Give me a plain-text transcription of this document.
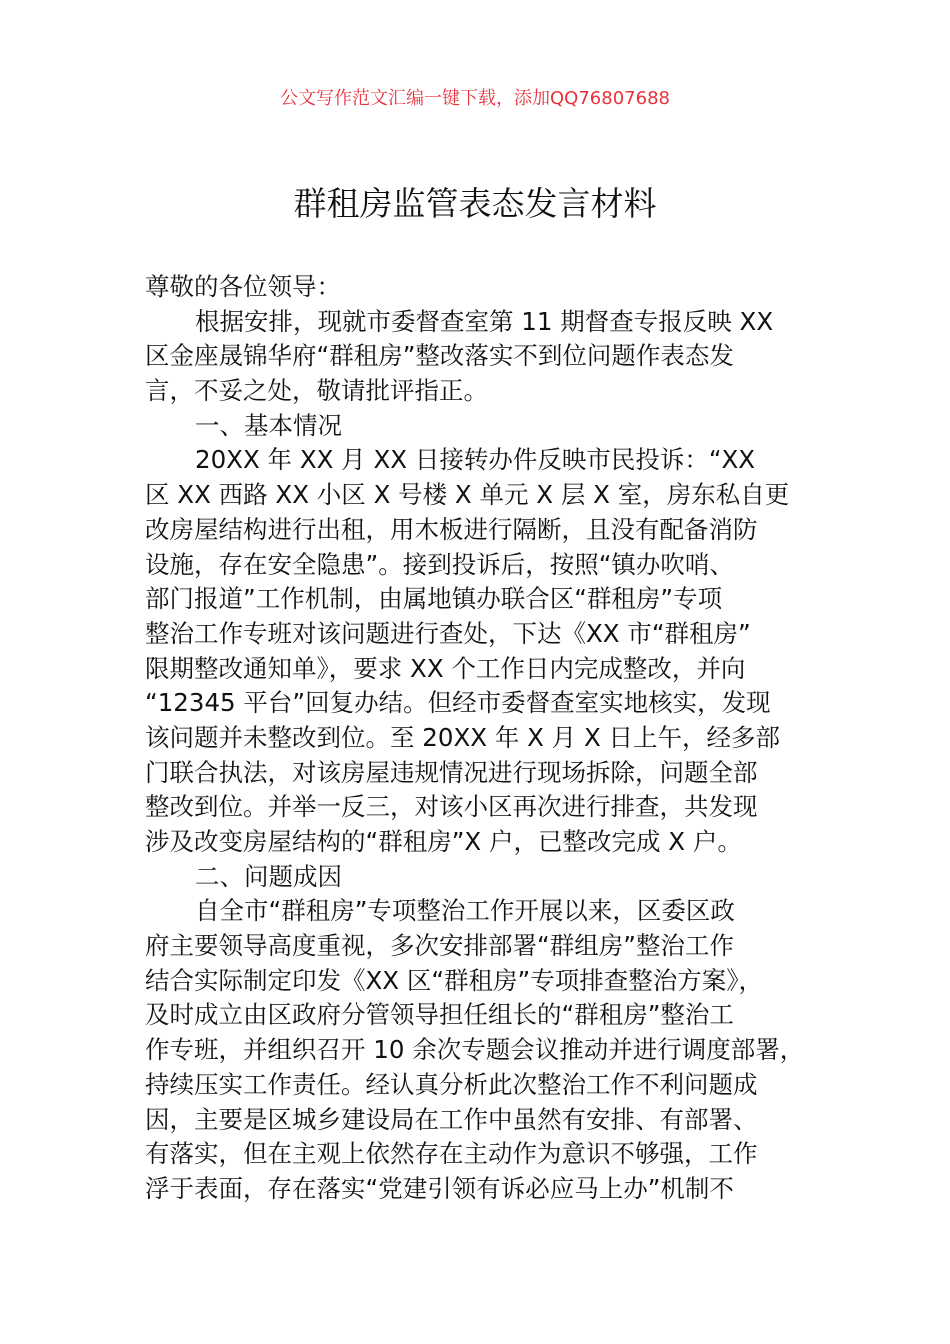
公文写作范文汇编一键下载，添加QQ76807688
群租房监管表态发言材料
尊敬的各位领导：
根据安排，现就市委督查室第 11 期督查专报反映 XX
区金座晟锦华府“群租房”整改落实不到位问题作表态发
言，不妥之处，敬请批评指正。
一、基本情况
20XX 年 XX 月 XX 日接转办件反映市民投诉：“XX
区 XX 西路 XX 小区 X 号楼 X 单元 X 层 X 室，房东私自更
改房屋结构进行出租，用木板进行隔断，且没有配备消防
设施，存在安全隐患”。接到投诉后，按照“镇办吹哨、
部门报道”工作机制，由属地镇办联合区“群租房”专项
整治工作专班对该问题进行查处，下达《XX 市“群租房”
限期整改通知单》，要求 XX 个工作日内完成整改，并向
“12345 平台”回复办结。但经市委督查室实地核实，发现
该问题并未整改到位。至 20XX 年 X 月 X 日上午，经多部
门联合执法，对该房屋违规情况进行现场拆除，问题全部
整改到位。并举一反三，对该小区再次进行排查，共发现
涉及改变房屋结构的“群租房”X 户，已整改完成 X 户。
二、问题成因
自全市“群租房”专项整治工作开展以来，区委区政
府主要领导高度重视，多次安排部署“群组房”整治工作
结合实际制定印发《XX 区“群租房”专项排查整治方案》，
及时成立由区政府分管领导担任组长的“群租房”整治工
作专班，并组织召开 10 余次专题会议推动并进行调度部署，
持续压实工作责任。经认真分析此次整治工作不利问题成
因，主要是区城乡建设局在工作中虽然有安排、有部署、
有落实，但在主观上依然存在主动作为意识不够强，工作
浮于表面，存在落实“党建引领有诉必应马上办”机制不
